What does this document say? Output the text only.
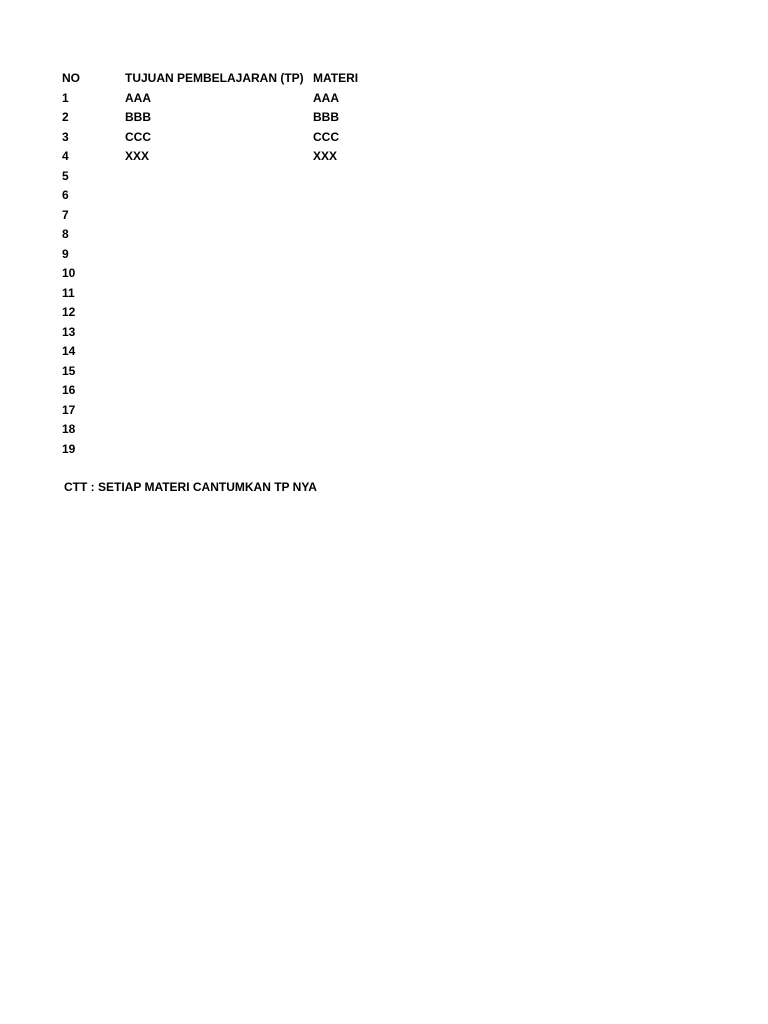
NO	TUJUAN PEMBELAJARAN (TP)	MATERI
1	AAA	AAA
2	BBB	BBB
3	CCC	CCC
4	XXX	XXX
5		
6		
7		
8		
9		
10		
11		
12		
13		
14		
15		
16		
17		
18		
19		
CTT : SETIAP MATERI CANTUMKAN TP NYA
